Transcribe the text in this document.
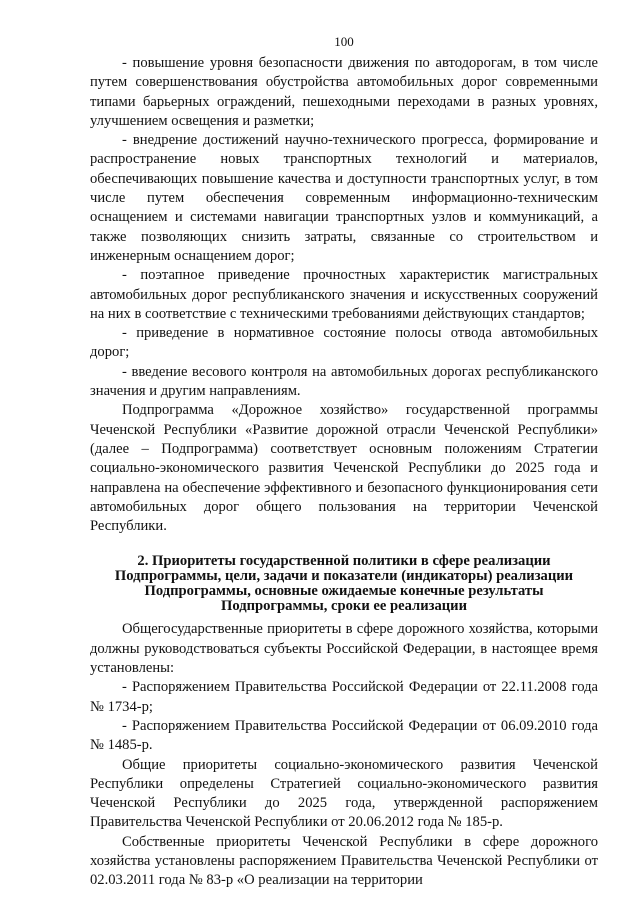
100

- повышение уровня безопасности движения по автодорогам, в том числе путем совершенствования обустройства автомобильных дорог современными типами барьерных ограждений, пешеходными переходами в разных уровнях, улучшением освещения и разметки;

- внедрение достижений научно-технического прогресса, формирование и распространение новых транспортных технологий и материалов, обеспечивающих повышение качества и доступности транспортных услуг, в том числе путем обеспечения современным информационно-техническим оснащением и системами навигации транспортных узлов и коммуникаций, а также позволяющих снизить затраты, связанные со строительством и инженерным оснащением дорог;

- поэтапное приведение прочностных характеристик магистральных автомобильных дорог республиканского значения и искусственных сооружений на них в соответствие с техническими требованиями действующих стандартов;

- приведение в нормативное состояние полосы отвода автомобильных дорог;

- введение весового контроля на автомобильных дорогах республиканского значения и другим направлениям.

Подпрограмма «Дорожное хозяйство» государственной программы Чеченской Республики «Развитие дорожной отрасли Чеченской Республики» (далее – Подпрограмма) соответствует основным положениям Стратегии социально-экономического развития Чеченской Республики до 2025 года и направлена на обеспечение эффективного и безопасного функционирования сети автомобильных дорог общего пользования на территории Чеченской Республики.

2. Приоритеты государственной политики в сфере реализации
Подпрограммы, цели, задачи и показатели (индикаторы) реализации
Подпрограммы, основные ожидаемые конечные результаты
Подпрограммы, сроки ее реализации

Общегосударственные приоритеты в сфере дорожного хозяйства, которыми должны руководствоваться субъекты Российской Федерации, в настоящее время установлены:

- Распоряжением Правительства Российской Федерации от 22.11.2008 года № 1734-р;

- Распоряжением Правительства Российской Федерации от 06.09.2010 года № 1485-р.

Общие приоритеты социально-экономического развития Чеченской Республики определены Стратегией социально-экономического развития Чеченской Республики до 2025 года, утвержденной распоряжением Правительства Чеченской Республики от 20.06.2012 года № 185-р.

Собственные приоритеты Чеченской Республики в сфере дорожного хозяйства установлены распоряжением Правительства Чеченской Республики от 02.03.2011 года № 83-р «О реализации на территории
